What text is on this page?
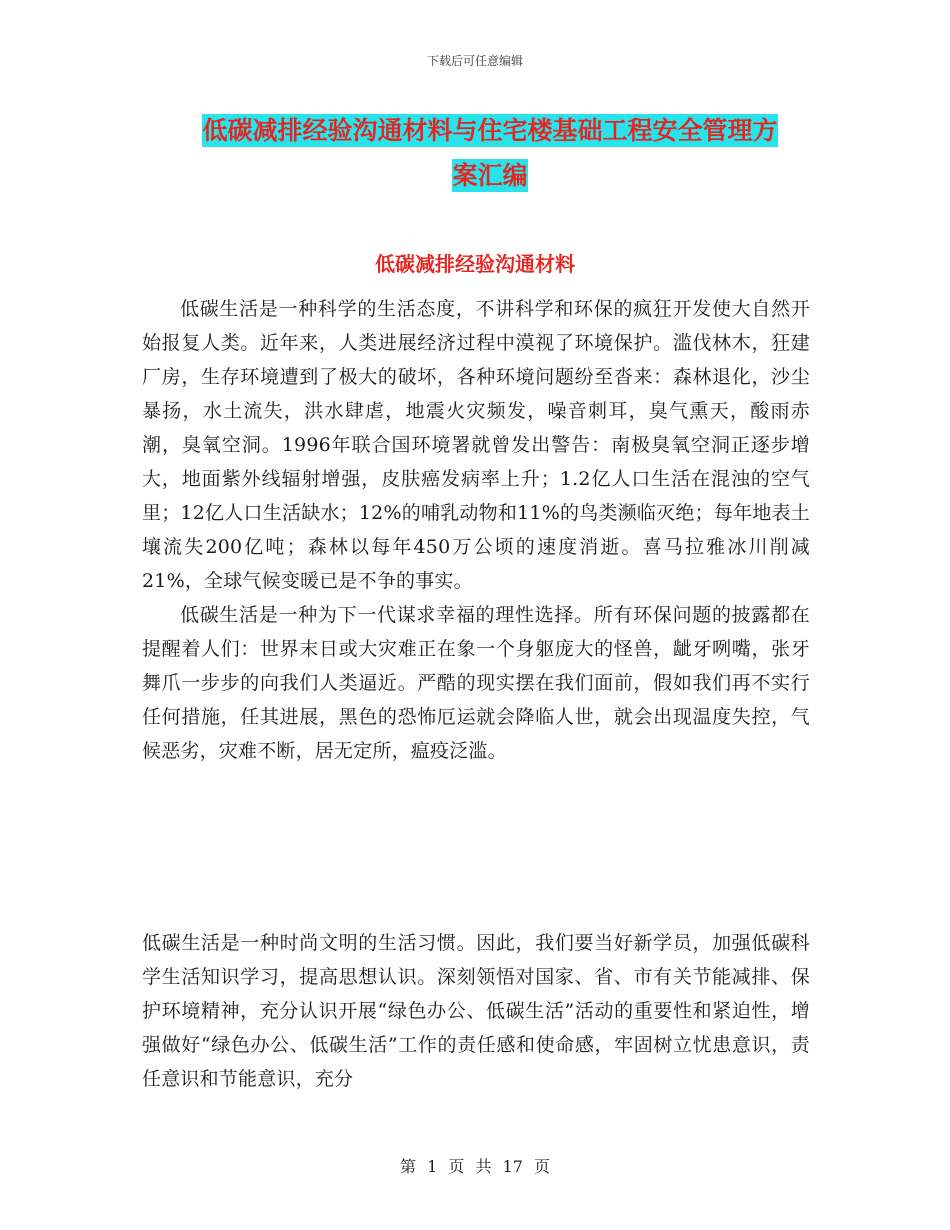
下载后可任意编辑
低碳减排经验沟通材料与住宅楼基础工程安全管理方
案汇编
低碳减排经验沟通材料

低碳生活是一种科学的生活态度，不讲科学和环保的疯狂开发使大自然开始报复人类。近年来，人类进展经济过程中漠视了环境保护。滥伐林木，狂建厂房，生存环境遭到了极大的破坏，各种环境问题纷至沓来：森林退化，沙尘暴扬，水土流失，洪水肆虐，地震火灾频发，噪音刺耳，臭气熏天，酸雨赤潮，臭氧空洞。1996年联合国环境署就曾发出警告：南极臭氧空洞正逐步增大，地面紫外线辐射增强，皮肤癌发病率上升；1.2亿人口生活在混浊的空气里；12亿人口生活缺水；12%的哺乳动物和11%的鸟类濒临灭绝；每年地表土壤流失200亿吨；森林以每年450万公顷的速度消逝。喜马拉雅冰川削减21%，全球气候变暖已是不争的事实。

低碳生活是一种为下一代谋求幸福的理性选择。所有环保问题的披露都在提醒着人们：世界末日或大灾难正在象一个身躯庞大的怪兽，龇牙咧嘴，张牙舞爪一步步的向我们人类逼近。严酷的现实摆在我们面前，假如我们再不实行任何措施，任其进展，黑色的恐怖厄运就会降临人世，就会出现温度失控，气候恶劣，灾难不断，居无定所，瘟疫泛滥。

低碳生活是一种时尚文明的生活习惯。因此，我们要当好新学员，加强低碳科学生活知识学习，提高思想认识。深刻领悟对国家、省、市有关节能减排、保护环境精神，充分认识开展“绿色办公、低碳生活”活动的重要性和紧迫性，增强做好“绿色办公、低碳生活”工作的责任感和使命感，牢固树立忧患意识，责任意识和节能意识，充分

第 1 页 共 17 页
